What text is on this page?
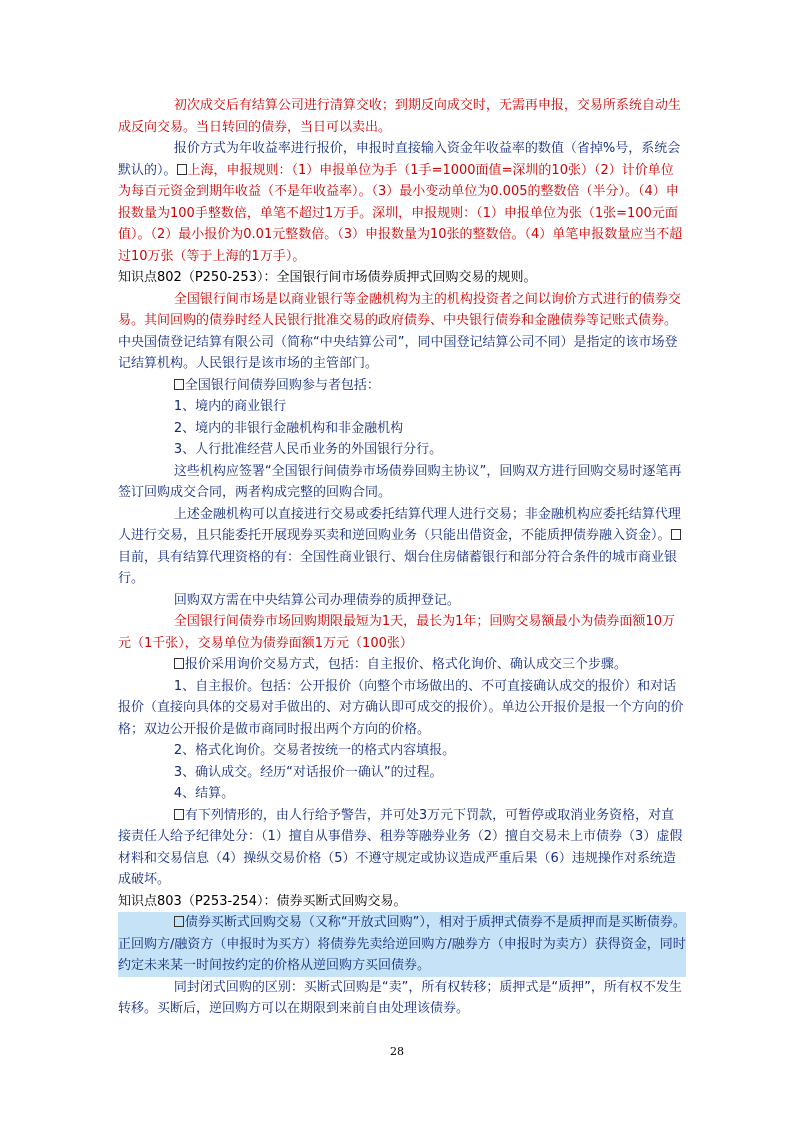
初次成交后有结算公司进行清算交收；到期反向成交时，无需再申报，交易所系统自动生成反向交易。当日转回的债券，当日可以卖出。

报价方式为年收益率进行报价，申报时直接输入资金年收益率的数值（省掉%号，系统会默认的）。 上海，申报规则：（1）申报单位为手（1手=1000面值=深圳的10张）（2）计价单位为每百元资金到期年收益（不是年收益率）。（3）最小变动单位为0.005的整数倍（半分）。（4）申报数量为100手整数倍，单笔不超过1万手。深圳，申报规则：（1）申报单位为张（1张=100元面值）。（2）最小报价为0.01元整数倍。（3）申报数量为10张的整数倍。（4）单笔申报数量应当不超过10万张（等于上海的1万手）。

知识点802（P250-253）：全国银行间市场债券质押式回购交易的规则。

全国银行间市场是以商业银行等金融机构为主的机构投资者之间以询价方式进行的债券交易。其间回购的债券时经人民银行批准交易的政府债券、中央银行债券和金融债券等记账式债券。中央国债登记结算有限公司（简称“中央结算公司”，同中国登记结算公司不同）是指定的该市场登记结算机构。人民银行是该市场的主管部门。

全国银行间债券回购参与者包括：

1、境内的商业银行

2、境内的非银行金融机构和非金融机构

3、人行批准经营人民币业务的外国银行分行。

这些机构应签署“全国银行间债券市场债券回购主协议”，回购双方进行回购交易时逐笔再签订回购成交合同，两者构成完整的回购合同。

上述金融机构可以直接进行交易或委托结算代理人进行交易；非金融机构应委托结算代理人进行交易，且只能委托开展现券买卖和逆回购业务（只能出借资金，不能质押债券融入资金）。目前，具有结算代理资格的有：全国性商业银行、烟台住房储蓄银行和部分符合条件的城市商业银行。

回购双方需在中央结算公司办理债券的质押登记。

全国银行间债券市场回购期限最短为1天，最长为1年；回购交易额最小为债券面额10万元（1千张），交易单位为债券面额1万元（100张）

报价采用询价交易方式，包括：自主报价、格式化询价、确认成交三个步骤。

1、自主报价。包括：公开报价（向整个市场做出的、不可直接确认成交的报价）和对话报价（直接向具体的交易对手做出的、对方确认即可成交的报价）。单边公开报价是报一个方向的价格；双边公开报价是做市商同时报出两个方向的价格。

2、格式化询价。交易者按统一的格式内容填报。

3、确认成交。经历“对话报价一确认”的过程。

4、结算。

有下列情形的，由人行给予警告，并可处3万元下罚款，可暂停或取消业务资格，对直接责任人给予纪律处分：（1）擅自从事借券、租券等融券业务（2）擅自交易未上市债券（3）虚假材料和交易信息（4）操纵交易价格（5）不遵守规定或协议造成严重后果（6）违规操作对系统造成破坏。

知识点803（P253-254）：债券买断式回购交易。

债券买断式回购交易（又称“开放式回购”），相对于质押式债券不是质押而是买断债券。正回购方/融资方（申报时为买方）将债券先卖给逆回购方/融券方（申报时为卖方）获得资金，同时约定未来某一时间按约定的价格从逆回购方买回债券。

同封闭式回购的区别：买断式回购是“卖”，所有权转移；质押式是“质押”，所有权不发生转移。买断后，逆回购方可以在期限到来前自由处理该债券。

28
